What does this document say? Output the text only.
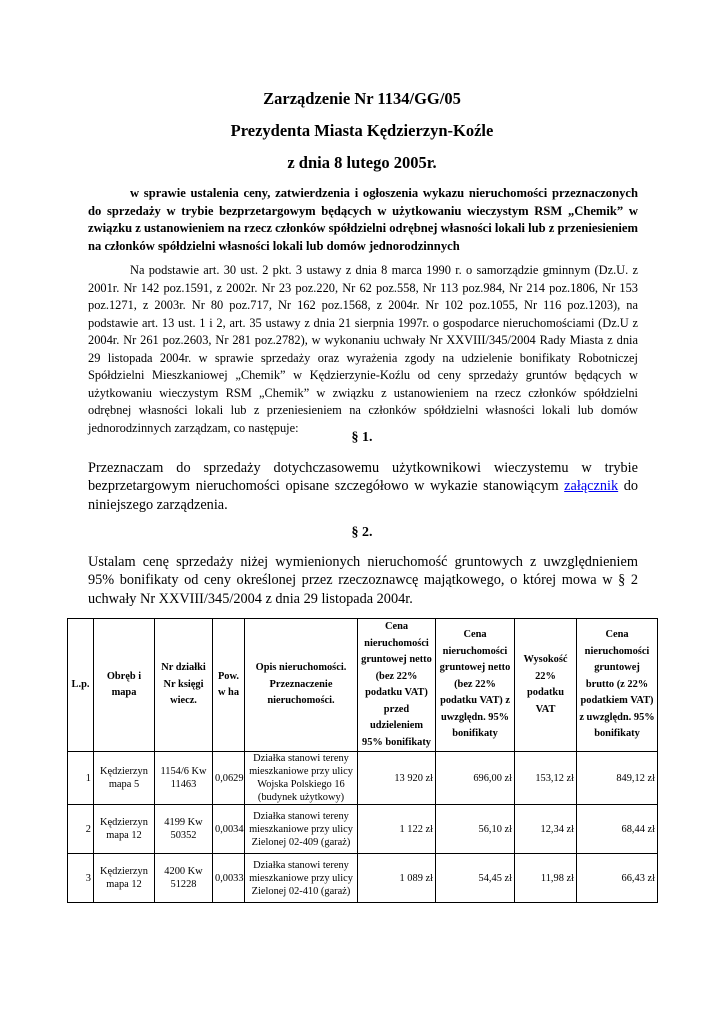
Zarządzenie Nr 1134/GG/05
Prezydenta Miasta Kędzierzyn-Koźle
z dnia 8 lutego 2005r.
w sprawie ustalenia ceny, zatwierdzenia i ogłoszenia wykazu nieruchomości przeznaczonych do sprzedaży w trybie bezprzetargowym będących w użytkowaniu wieczystym RSM „Chemik” w związku z ustanowieniem na rzecz członków spółdzielni odrębnej własności lokali lub z przeniesieniem na członków spółdzielni własności lokali lub domów jednorodzinnych
Na podstawie art. 30 ust. 2 pkt. 3 ustawy z dnia 8 marca 1990 r. o samorządzie gminnym (Dz.U. z 2001r. Nr 142 poz.1591, z 2002r. Nr 23 poz.220, Nr 62 poz.558, Nr 113 poz.984, Nr 214 poz.1806, Nr 153 poz.1271, z 2003r. Nr 80 poz.717, Nr 162 poz.1568, z 2004r. Nr 102 poz.1055, Nr 116 poz.1203), na podstawie art. 13 ust. 1 i 2, art. 35 ustawy z dnia 21 sierpnia 1997r. o gospodarce nieruchomościami (Dz.U z 2004r. Nr 261 poz.2603, Nr 281 poz.2782), w wykonaniu uchwały Nr XXVIII/345/2004 Rady Miasta z dnia 29 listopada 2004r. w sprawie sprzedaży oraz wyrażenia zgody na udzielenie bonifikaty Robotniczej Spółdzielni Mieszkaniowej „Chemik” w Kędzierzynie-Koźlu od ceny sprzedaży gruntów będących w użytkowaniu wieczystym RSM „Chemik” w związku z ustanowieniem na rzecz członków spółdzielni odrębnej własności lokali lub z przeniesieniem na członków spółdzielni własności lokali lub domów jednorodzinnych zarządzam, co następuje:
§ 1.
Przeznaczam do sprzedaży dotychczasowemu użytkownikowi wieczystemu w trybie bezprzetargowym nieruchomości opisane szczegółowo w wykazie stanowiącym załącznik do niniejszego zarządzenia.
§ 2.
Ustalam cenę sprzedaży niżej wymienionych nieruchomość gruntowych z uwzględnieniem 95% bonifikaty od ceny określonej przez rzeczoznawcę majątkowego, o której mowa w § 2 uchwały Nr XXVIII/345/2004 z dnia 29 listopada 2004r.
L.p.	Obręb i mapa	Nr działki Nr księgi wiecz.	Pow. w ha	Opis nieruchomości. Przeznaczenie nieruchomości.	Cena nieruchomości gruntowej netto (bez 22% podatku VAT) przed udzieleniem 95% bonifikaty	Cena nieruchomości gruntowej netto (bez 22% podatku VAT) z uwzględn. 95% bonifikaty	Wysokość 22% podatku VAT	Cena nieruchomości gruntowej brutto (z 22% podatkiem VAT) z uwzględn. 95% bonifikaty
1	Kędzierzyn mapa 5	1154/6 Kw 11463	0,0629	Działka stanowi tereny mieszkaniowe przy ulicy Wojska Polskiego 16 (budynek użytkowy)	13 920 zł	696,00 zł	153,12 zł	849,12 zł
2	Kędzierzyn mapa 12	4199 Kw 50352	0,0034	Działka stanowi tereny mieszkaniowe przy ulicy Zielonej 02-409 (garaż)	1 122 zł	56,10 zł	12,34 zł	68,44 zł
3	Kędzierzyn mapa 12	4200 Kw 51228	0,0033	Działka stanowi tereny mieszkaniowe przy ulicy Zielonej 02-410 (garaż)	1 089 zł	54,45 zł	11,98 zł	66,43 zł
